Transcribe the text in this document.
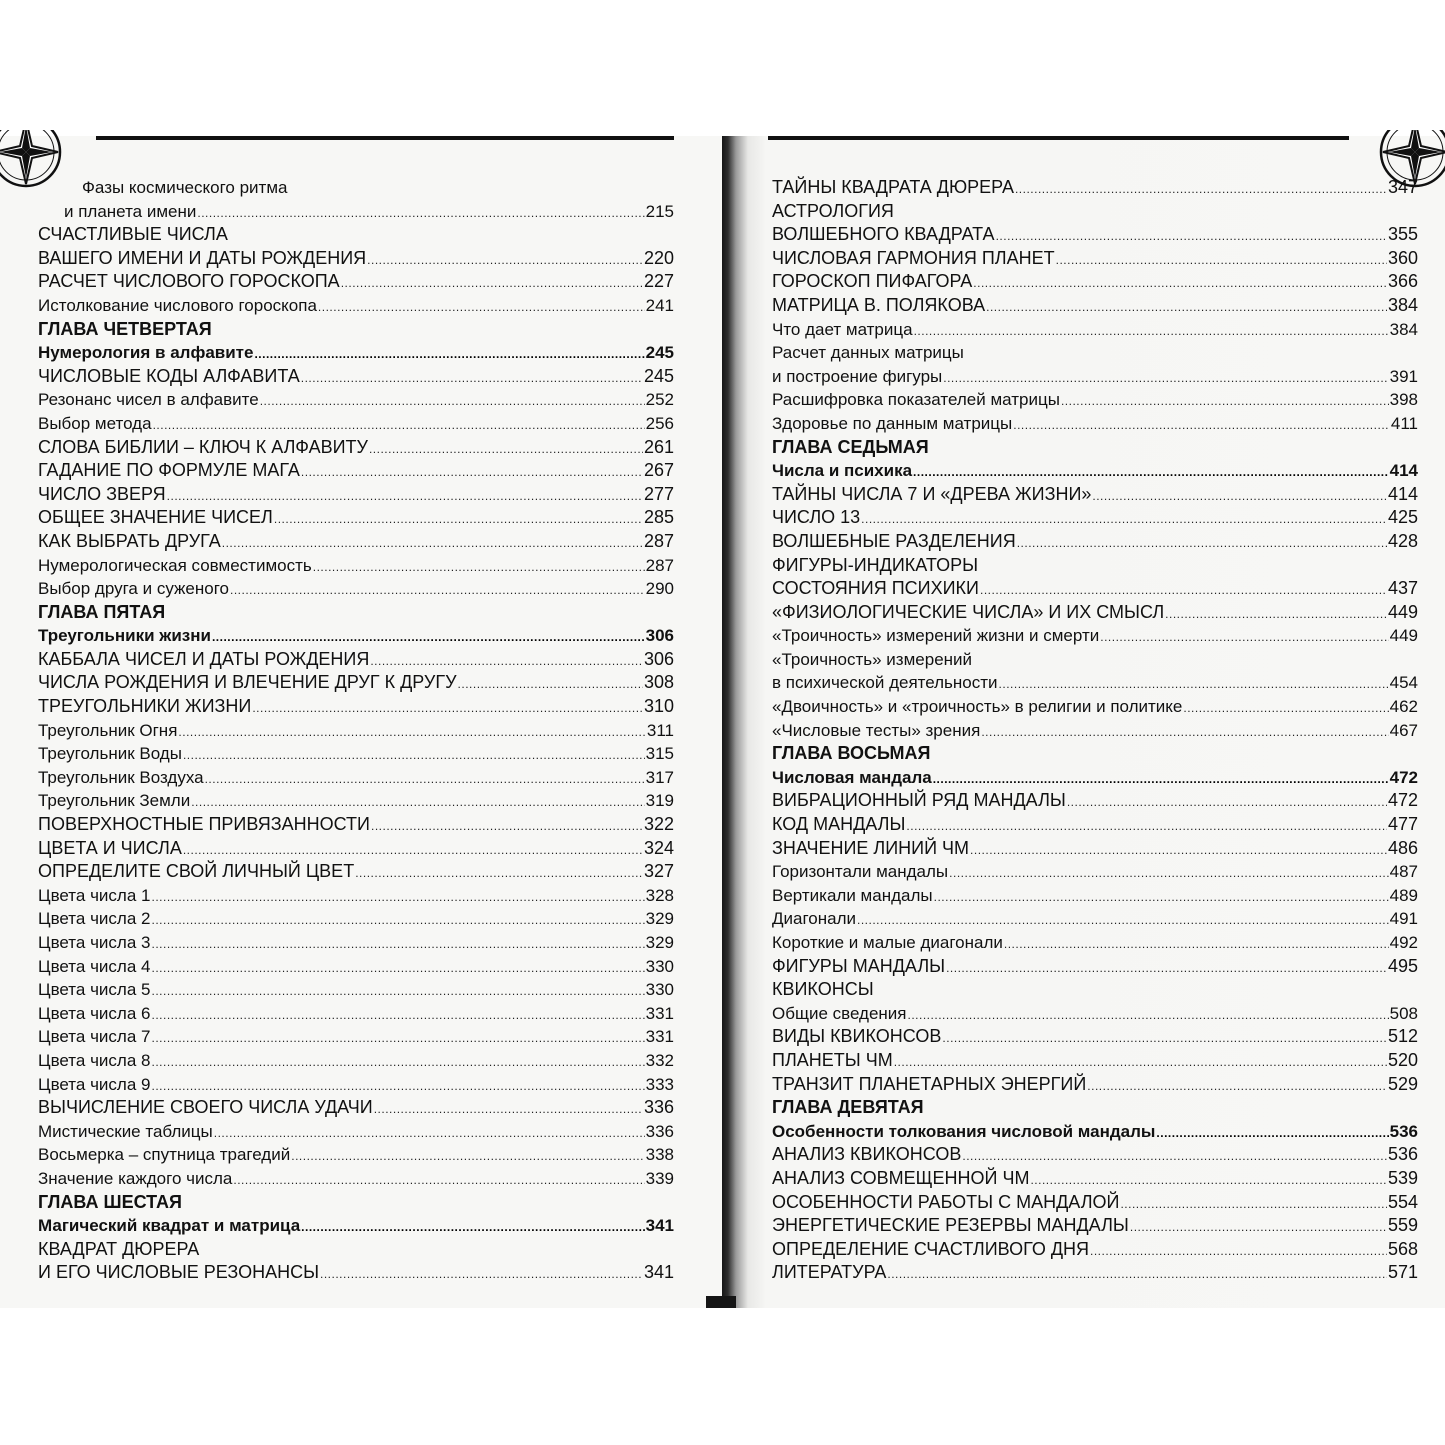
Фазы космического ритма
и планета имени .....	215
СЧАСТЛИВЫЕ ЧИСЛА
ВАШЕГО ИМЕНИ И ДАТЫ РОЖДЕНИЯ .....	220
РАСЧЕТ ЧИСЛОВОГО ГОРОСКОПА .....	227
Истолкование числового гороскопа .....	241
ГЛАВА ЧЕТВЕРТАЯ
Нумерология в алфавите .....	245
ЧИСЛОВЫЕ КОДЫ АЛФАВИТА .....	245
Резонанс чисел в алфавите .....	252
Выбор метода .....	256
СЛОВА БИБЛИИ – КЛЮЧ К АЛФАВИТУ .....	261
ГАДАНИЕ ПО ФОРМУЛЕ МАГА .....	267
ЧИСЛО ЗВЕРЯ .....	277
ОБЩЕЕ ЗНАЧЕНИЕ ЧИСЕЛ .....	285
КАК ВЫБРАТЬ ДРУГА .....	287
Нумерологическая совместимость .....	287
Выбор друга и суженого .....	290
ГЛАВА ПЯТАЯ
Треугольники жизни .....	306
КАББАЛА ЧИСЕЛ И ДАТЫ РОЖДЕНИЯ .....	306
ЧИСЛА РОЖДЕНИЯ И ВЛЕЧЕНИЕ ДРУГ К ДРУГУ .....	308
ТРЕУГОЛЬНИКИ ЖИЗНИ .....	310
Треугольник Огня .....	311
Треугольник Воды .....	315
Треугольник Воздуха .....	317
Треугольник Земли .....	319
ПОВЕРХНОСТНЫЕ ПРИВЯЗАННОСТИ .....	322
ЦВЕТА И ЧИСЛА .....	324
ОПРЕДЕЛИТЕ СВОЙ ЛИЧНЫЙ ЦВЕТ .....	327
Цвета числа 1 .....	328
Цвета числа 2 .....	329
Цвета числа 3 .....	329
Цвета числа 4 .....	330
Цвета числа 5 .....	330
Цвета числа 6 .....	331
Цвета числа 7 .....	331
Цвета числа 8 .....	332
Цвета числа 9 .....	333
ВЫЧИСЛЕНИЕ СВОЕГО ЧИСЛА УДАЧИ .....	336
Мистические таблицы .....	336
Восьмерка – спутница трагедий .....	338
Значение каждого числа .....	339
ГЛАВА ШЕСТАЯ
Магический квадрат и матрица .....	341
КВАДРАТ ДЮРЕРА
И ЕГО ЧИСЛОВЫЕ РЕЗОНАНСЫ .....	341
ТАЙНЫ КВАДРАТА ДЮРЕРА .....	347
АСТРОЛОГИЯ
ВОЛШЕБНОГО КВАДРАТА .....	355
ЧИСЛОВАЯ ГАРМОНИЯ ПЛАНЕТ .....	360
ГОРОСКОП ПИФАГОРА .....	366
МАТРИЦА В. ПОЛЯКОВА .....	384
Что дает матрица .....	384
Расчет данных матрицы
и построение фигуры .....	391
Расшифровка показателей матрицы .....	398
Здоровье по данным матрицы .....	411
ГЛАВА СЕДЬМАЯ
Числа и психика .....	414
ТАЙНЫ ЧИСЛА 7 И «ДРЕВА ЖИЗНИ» .....	414
ЧИСЛО 13 .....	425
ВОЛШЕБНЫЕ РАЗДЕЛЕНИЯ .....	428
ФИГУРЫ-ИНДИКАТОРЫ
СОСТОЯНИЯ ПСИХИКИ .....	437
«ФИЗИОЛОГИЧЕСКИЕ ЧИСЛА» И ИХ СМЫСЛ .....	449
«Троичность» измерений жизни и смерти .....	449
«Троичность» измерений
в психической деятельности .....	454
«Двоичность» и «троичность» в религии и политике .....	462
«Числовые тесты» зрения .....	467
ГЛАВА ВОСЬМАЯ
Числовая мандала .....	472
ВИБРАЦИОННЫЙ РЯД МАНДАЛЫ .....	472
КОД МАНДАЛЫ .....	477
ЗНАЧЕНИЕ ЛИНИЙ ЧМ .....	486
Горизонтали мандалы .....	487
Вертикали мандалы .....	489
Диагонали .....	491
Короткие и малые диагонали .....	492
ФИГУРЫ МАНДАЛЫ .....	495
КВИКОНСЫ
Общие сведения .....	508
ВИДЫ КВИКОНСОВ .....	512
ПЛАНЕТЫ ЧМ .....	520
ТРАНЗИТ ПЛАНЕТАРНЫХ ЭНЕРГИЙ .....	529
ГЛАВА ДЕВЯТАЯ
Особенности толкования числовой мандалы .....	536
АНАЛИЗ КВИКОНСОВ .....	536
АНАЛИЗ СОВМЕЩЕННОЙ ЧМ .....	539
ОСОБЕННОСТИ РАБОТЫ С МАНДАЛОЙ .....	554
ЭНЕРГЕТИЧЕСКИЕ РЕЗЕРВЫ МАНДАЛЫ .....	559
ОПРЕДЕЛЕНИЕ СЧАСТЛИВОГО ДНЯ .....	568
ЛИТЕРАТУРА .....	571
